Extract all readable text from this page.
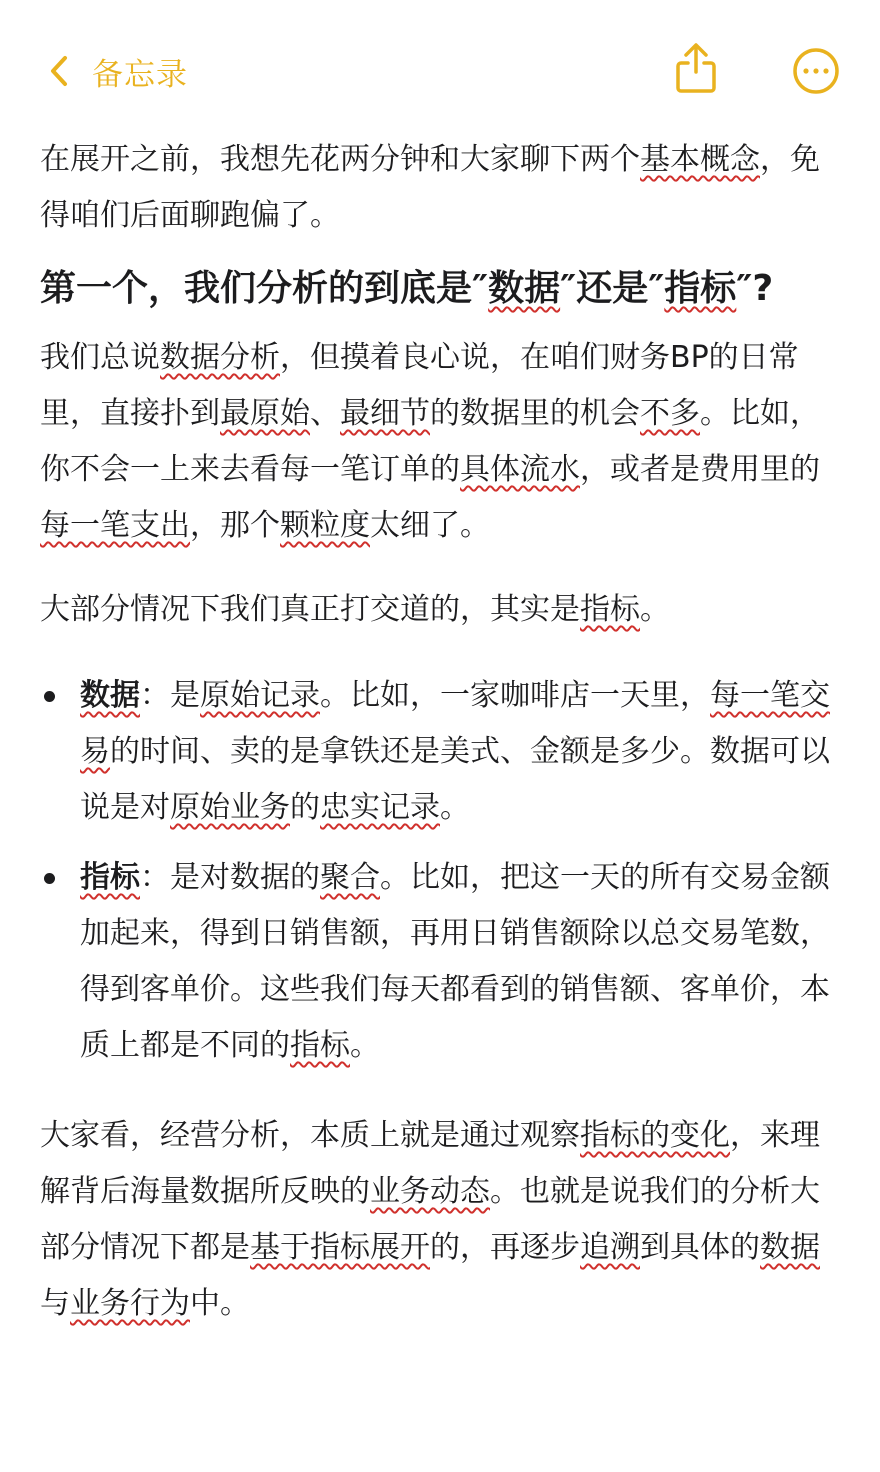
备忘录

在展开之前，我想先花两分钟和大家聊下两个基本概念，免得咱们后面聊跑偏了。

第一个，我们分析的到底是″数据″还是″指标″?

我们总说数据分析，但摸着良心说，在咱们财务BP的日常里，直接扑到最原始、最细节的数据里的机会不多。比如，你不会一上来去看每一笔订单的具体流水，或者是费用里的每一笔支出，那个颗粒度太细了。

大部分情况下我们真正打交道的，其实是指标。

数据：是原始记录。比如，一家咖啡店一天里，每一笔交易的时间、卖的是拿铁还是美式、金额是多少。数据可以说是对原始业务的忠实记录。
指标：是对数据的聚合。比如，把这一天的所有交易金额加起来，得到日销售额，再用日销售额除以总交易笔数，得到客单价。这些我们每天都看到的销售额、客单价，本质上都是不同的指标。

大家看，经营分析，本质上就是通过观察指标的变化，来理解背后海量数据所反映的业务动态。也就是说我们的分析大部分情况下都是基于指标展开的，再逐步追溯到具体的数据与业务行为中。
